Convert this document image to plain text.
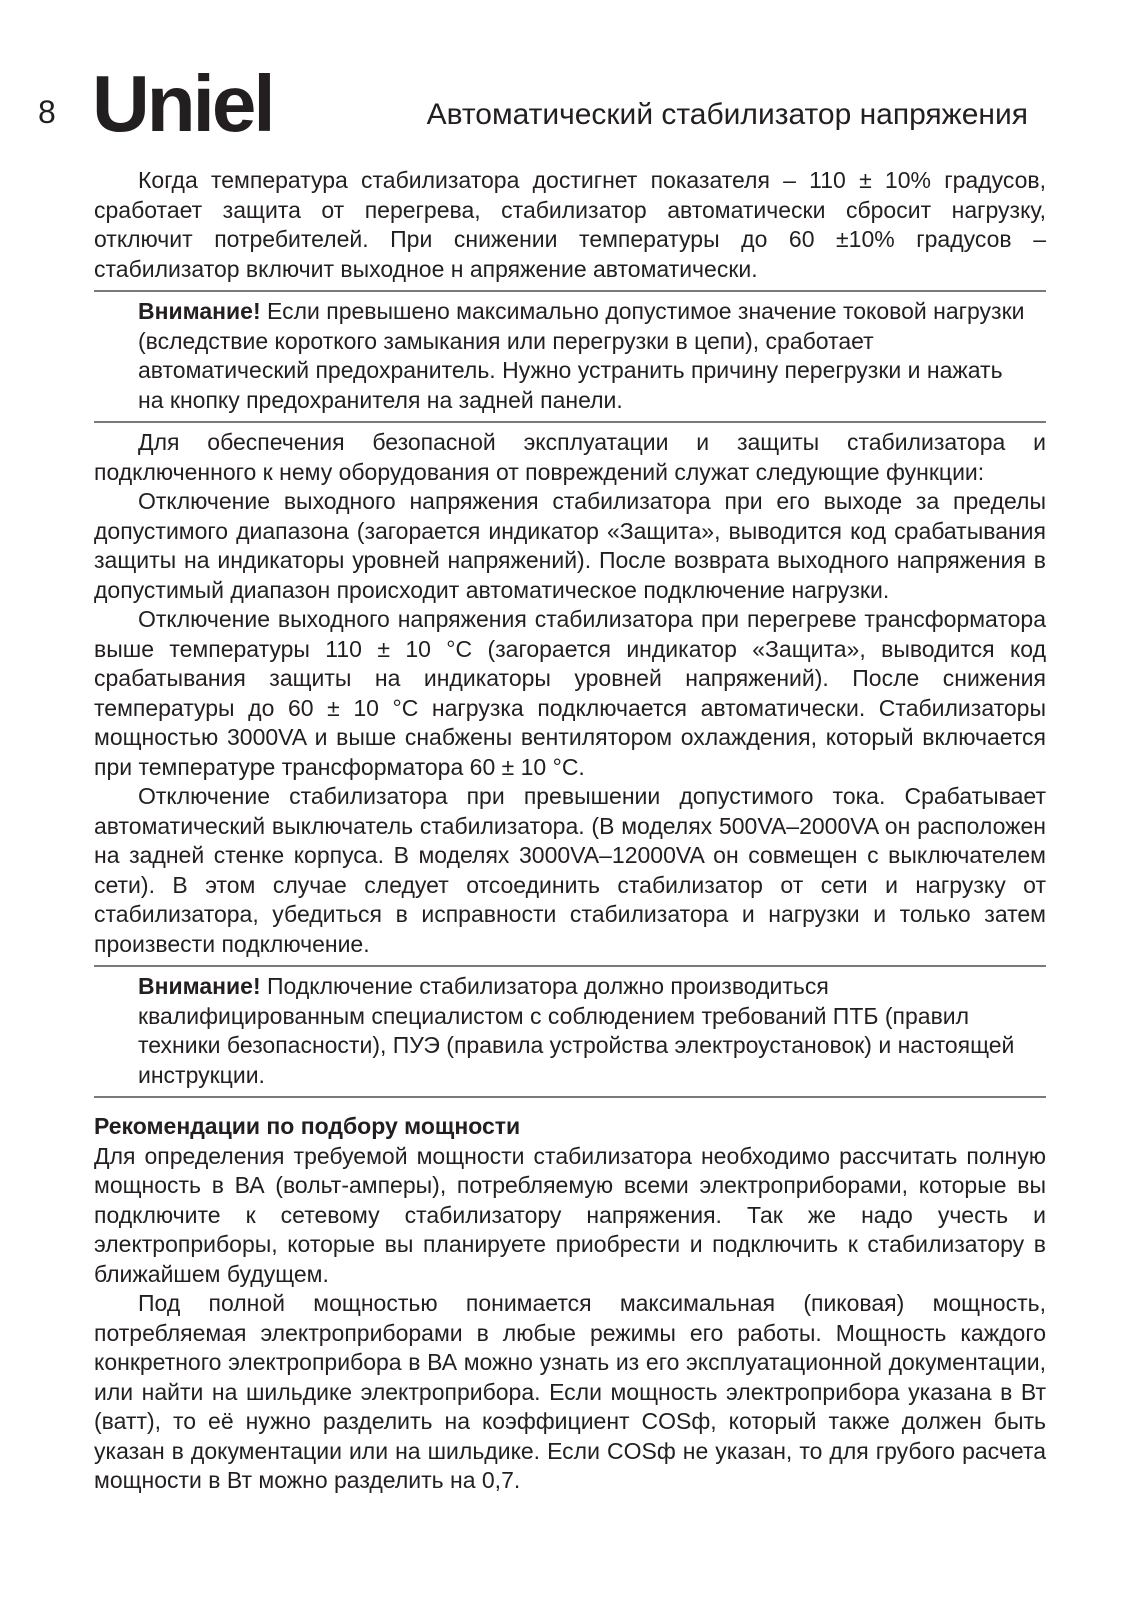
8 Uniel	Автоматический стабилизатор напряжения

Когда температура стабилизатора достигнет показателя – 110 ± 10% градусов, сработает защита от перегрева, стабилизатор автоматически сбросит нагрузку, отключит потребителей. При снижении температуры до 60 ±10% градусов – стабилизатор включит выходное н апряжение автоматически.

Внимание! Если превышено максимально допустимое значение токовой нагрузки (вследствие короткого замыкания или перегрузки в цепи), сработает автоматический предохранитель. Нужно устранить причину перегрузки и нажать на кнопку предохранителя на задней панели.

Для обеспечения безопасной эксплуатации и защиты стабилизатора и подключенного к нему оборудования от повреждений служат следующие функции:

Отключение выходного напряжения стабилизатора при его выходе за пределы допустимого диапазона (загорается индикатор «Защита», выводится код срабатывания защиты на индикаторы уровней напряжений). После возврата выходного напряжения в допустимый диапазон происходит автоматическое подключение нагрузки.

Отключение выходного напряжения стабилизатора при перегреве трансформатора выше температуры 110 ± 10 °С (загорается индикатор «Защита», выводится код срабатывания защиты на индикаторы уровней напряжений). После снижения температуры до 60 ± 10 °С нагрузка подключается автоматически. Стабилизаторы мощностью 3000VA и выше снабжены вентилятором охлаждения, который включается при температуре трансформатора 60 ± 10 °С.

Отключение стабилизатора при превышении допустимого тока. Срабатывает автоматический выключатель стабилизатора. (В моделях 500VA–2000VA он расположен на задней стенке корпуса. В моделях 3000VA–12000VA он совмещен с выключателем сети). В этом случае следует отсоединить стабилизатор от сети и нагрузку от стабилизатора, убедиться в исправности стабилизатора и нагрузки и только затем произвести подключение.

Внимание! Подключение стабилизатора должно производиться квалифицированным специалистом с соблюдением требований ПТБ (правил техники безопасности), ПУЭ (правила устройства электроустановок) и настоящей инструкции.

Рекомендации по подбору мощности

Для определения требуемой мощности стабилизатора необходимо рассчитать полную мощность в ВА (вольт-амперы), потребляемую всеми электроприборами, которые вы подключите к сетевому стабилизатору напряжения. Так же надо учесть и электроприборы, которые вы планируете приобрести и подключить к стабилизатору в ближайшем будущем.

Под полной мощностью понимается максимальная (пиковая) мощность, потребляемая электроприборами в любые режимы его работы. Мощность каждого конкретного электроприбора в ВА можно узнать из его эксплуатационной документации, или найти на шильдике электроприбора. Если мощность электроприбора указана в Вт (ватт), то её нужно разделить на коэффициент COSф, который также должен быть указан в документации или на шильдике. Если COSф не указан, то для грубого расчета мощности в Вт можно разделить на 0,7.
